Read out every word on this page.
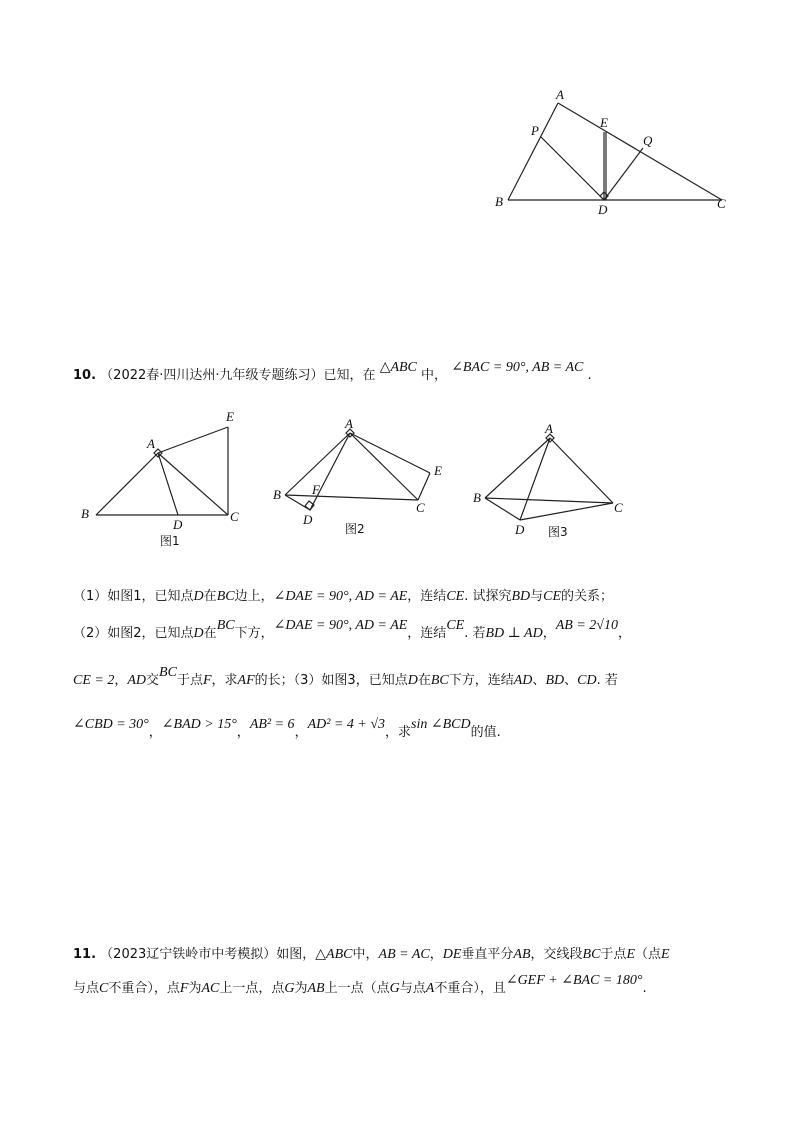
A
B	C
D
E
P
Q
10. （2022春·四川达州·九年级专题练习）已知，在 △ABC 中， ∠BAC = 90°, AB = AC .
A
B	C
D
E
图1
A
B
C
D
E
F
图2
A
B
C
D 图3
（1）如图1，已知点D在BC边上，∠DAE = 90°, AD = AE，连结CE. 试探究BD与CE的关系；
（2）如图2，已知点D在BC下方，∠DAE = 90°, AD = AE，连结CE. 若BD ⊥ AD，AB = 2√10，
CE = 2，AD交BC于点F，求AF的长；（3）如图3，已知点D在BC下方，连结AD、BD、CD. 若
∠CBD = 30°，∠BAD > 15°，AB² = 6，AD² = 4 + √3，求sin ∠BCD的值.
11. （2023辽宁铁岭市中考模拟）如图，△ABC中，AB = AC，DE垂直平分AB，交线段BC于点E（点E
与点C不重合），点F为AC上一点，点G为AB上一点（点G与点A不重合），且∠GEF + ∠BAC = 180°.
